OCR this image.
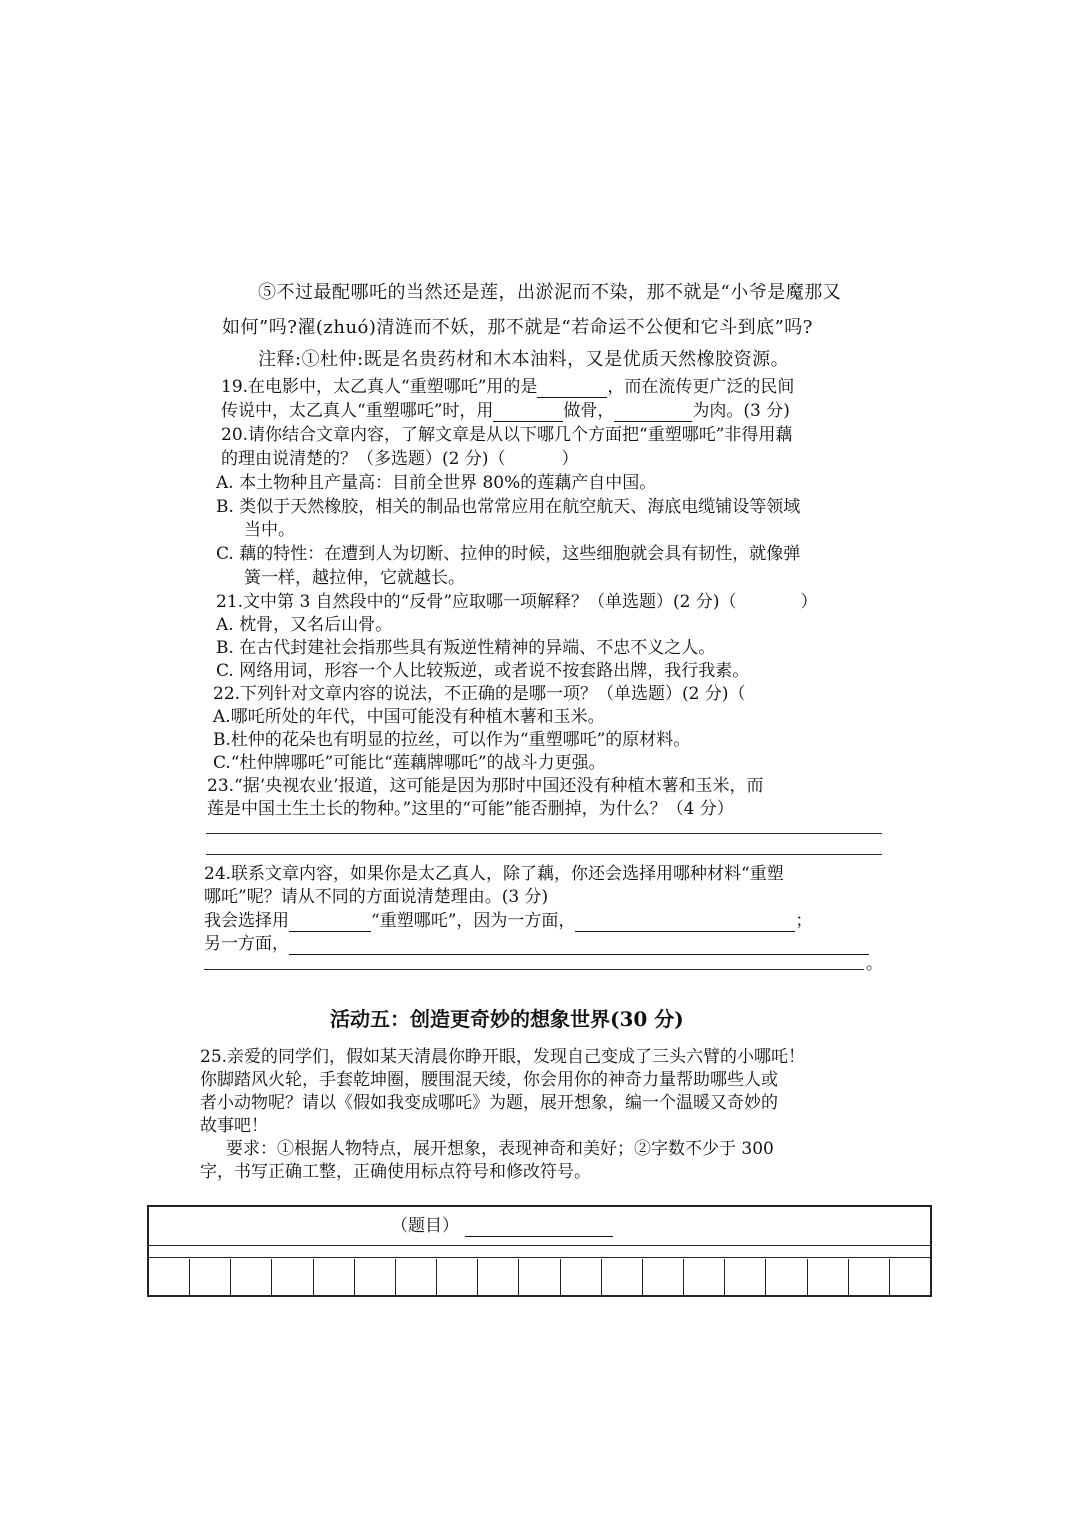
⑤不过最配哪吒的当然还是莲，出淤泥而不染，那不就是“小爷是魔那又

如何”吗?濯(zhuó)清涟而不妖，那不就是“若命运不公便和它斗到底”吗?

注释:①杜仲:既是名贵药材和木本油料，又是优质天然橡胶资源。

19.在电影中，太乙真人“重塑哪吒”用的是	，而在流传更广泛的民间

传说中，太乙真人“重塑哪吒”时，用	做骨，	为肉。(3 分)

20.请你结合文章内容，了解文章是从以下哪几个方面把“重塑哪吒”非得用藕

的理由说清楚的？（多选题）(2 分)（	）

A. 本土物种且产量高：目前全世界 80%的莲藕产自中国。

B. 类似于天然橡胶，相关的制品也常常应用在航空航天、海底电缆铺设等领域

当中。

C. 藕的特性：在遭到人为切断、拉伸的时候，这些细胞就会具有韧性，就像弹

簧一样，越拉伸，它就越长。

21.文中第 3 自然段中的“反骨”应取哪一项解释？（单选题）(2 分)（	）

A. 枕骨，又名后山骨。

B. 在古代封建社会指那些具有叛逆性精神的异端、不忠不义之人。

C. 网络用词，形容一个人比较叛逆，或者说不按套路出牌，我行我素。

22.下列针对文章内容的说法，不正确的是哪一项？（单选题）(2 分)（

A.哪吒所处的年代，中国可能没有种植木薯和玉米。

B.杜仲的花朵也有明显的拉丝，可以作为“重塑哪吒”的原材料。

C.“杜仲牌哪吒”可能比“莲藕牌哪吒”的战斗力更强。

23.“据‘央视农业’报道，这可能是因为那时中国还没有种植木薯和玉米，而

莲是中国土生土长的物种。”这里的“可能”能否删掉，为什么？（4 分）

24.联系文章内容，如果你是太乙真人，除了藕，你还会选择用哪种材料“重塑

哪吒”呢？请从不同的方面说清楚理由。(3 分)

我会选择用	“重塑哪吒”，因为一方面，	；

另一方面，

。

活动五：创造更奇妙的想象世界(30 分)

25.亲爱的同学们，假如某天清晨你睁开眼，发现自己变成了三头六臂的小哪吒！

你脚踏风火轮，手套乾坤圈，腰围混天绫，你会用你的神奇力量帮助哪些人或

者小动物呢？请以《假如我变成哪吒》为题，展开想象，编一个温暖又奇妙的

故事吧！

要求：①根据人物特点，展开想象，表现神奇和美好；②字数不少于 300

字，书写正确工整，正确使用标点符号和修改符号。

（题目）
